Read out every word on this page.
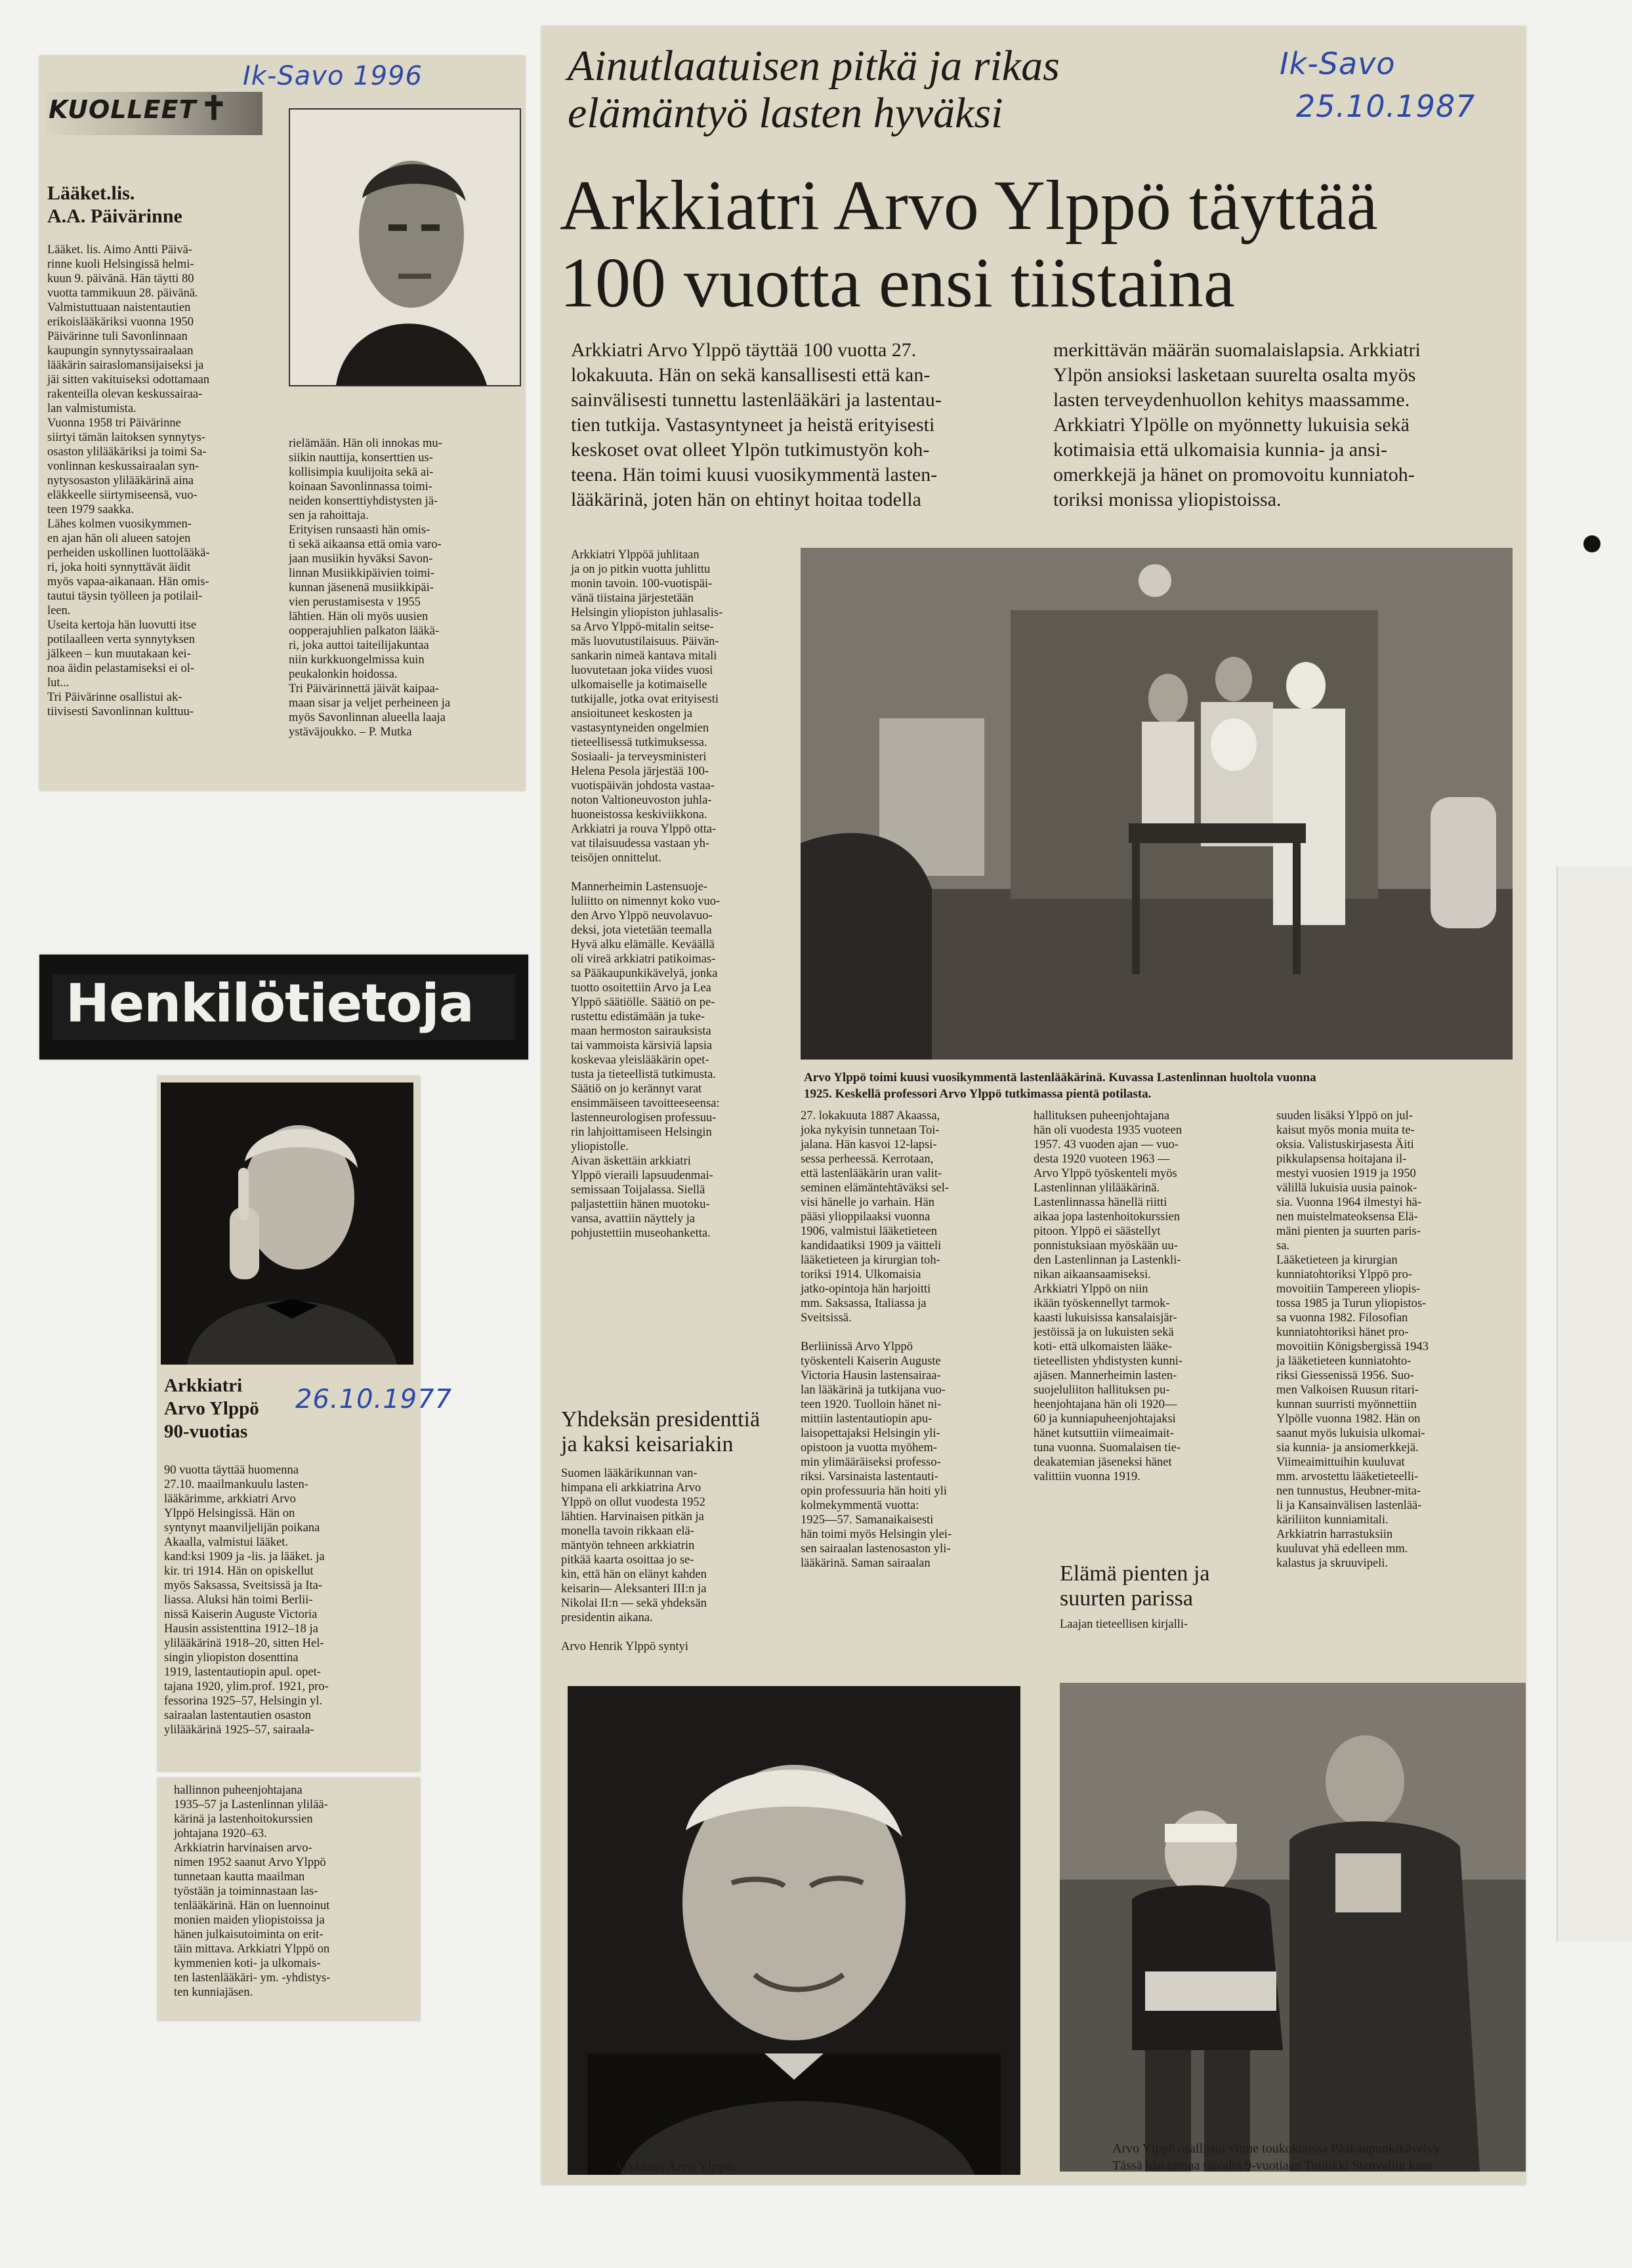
Ik-Savo 1996
KUOLLEET ✝
Lääket.lis.
A.A. Päivärinne
Lääket. lis. Aimo Antti Päivä-
rinne kuoli Helsingissä helmi-
kuun 9. päivänä. Hän täytti 80
vuotta tammikuun 28. päivänä.
Valmistuttuaan naistentautien
erikoislääkäriksi vuonna 1950
Päivärinne tuli Savonlinnaan
kaupungin synnytyssairaalaan
lääkärin sairaslomansijaiseksi ja
jäi sitten vakituiseksi odottamaan
rakenteilla olevan keskussairaa-
lan valmistumista.
Vuonna 1958 tri Päivärinne
siirtyi tämän laitoksen synnytys-
osaston ylilääkäriksi ja toimi Sa-
vonlinnan keskussairaalan syn-
nytysosaston ylilääkärinä aina
eläkkeelle siirtymiseensä, vuo-
teen 1979 saakka.
Lähes kolmen vuosikymmen-
en ajan hän oli alueen satojen
perheiden uskollinen luottolääkä-
ri, joka hoiti synnyttävät äidit
myös vapaa-aikanaan. Hän omis-
tautui täysin työlleen ja potilail-
leen.
Useita kertoja hän luovutti itse
potilaalleen verta synnytyksen
jälkeen – kun muutakaan kei-
noa äidin pelastamiseksi ei ol-
lut...
Tri Päivärinne osallistui ak-
tiivisesti Savonlinnan kulttuu-
rielämään. Hän oli innokas mu-
siikin nauttija, konserttien us-
kollisimpia kuulijoita sekä ai-
koinaan Savonlinnassa toimi-
neiden konserttiyhdistysten jä-
sen ja rahoittaja.
Erityisen runsaasti hän omis-
tì sekä aikaansa että omia varo-
jaan musiikin hyväksi Savon-
linnan Musiikkipäivien toimi-
kunnan jäsenenä musiikkipäi-
vien perustamisesta v 1955
lähtien. Hän oli myös uusien
oopperajuhlien palkaton lääkä-
ri, joka auttoi taiteilijakuntaa
niin kurkkuongelmissa kuin
peukalonkin hoidossa.
Tri Päivärinnettä jäivät kaipaa-
maan sisar ja veljet perheineen ja
myös Savonlinnan alueella laaja
ystäväjoukko. – P. Mutka
Henkilötietoja
Arkkiatri
Arvo Ylppö
90-vuotias
26.10.1977
90 vuotta täyttää huomenna
27.10. maailmankuulu lasten-
lääkärimme, arkkiatri Arvo
Ylppö Helsingissä. Hän on
syntynyt maanviljelijän poikana
Akaalla, valmistui lääket.
kand:ksi 1909 ja -lis. ja lääket. ja
kir. tri 1914. Hän on opiskellut
myös Saksassa, Sveitsissä ja Ita-
liassa. Aluksi hän toimi Berlii-
nissä Kaiserin Auguste Victoria
Hausin assistenttina 1912–18 ja
ylilääkärinä 1918–20, sitten Hel-
singin yliopiston dosenttina
1919, lastentautiopin apul. opet-
tajana 1920, ylim.prof. 1921, pro-
fessorina 1925–57, Helsingin yl.
sairaalan lastentautien osaston
ylilääkärinä 1925–57, sairaala-
hallinnon puheenjohtajana
1935–57 ja Lastenlinnan ylilää-
kärinä ja lastenhoitokurssien
johtajana 1920–63.
Arkkiatrin harvinaisen arvo-
nimen 1952 saanut Arvo Ylppö
tunnetaan kautta maailman
työstään ja toiminnastaan las-
tenlääkärinä. Hän on luennoinut
monien maiden yliopistoissa ja
hänen julkaisutoiminta on erit-
täin mittava. Arkkiatri Ylppö on
kymmenien koti- ja ulkomais-
ten lastenlääkäri- ym. -yhdistys-
ten kunniajäsen.
Ainutlaatuisen pitkä ja rikas
elämäntyö lasten hyväksi
Ik-Savo
25.10.1987
Arkkiatri Arvo Ylppö täyttää
100 vuotta ensi tiistaina
Arkkiatri Arvo Ylppö täyttää 100 vuotta 27.
lokakuuta. Hän on sekä kansallisesti että kan-
sainvälisesti tunnettu lastenlääkäri ja lastentau-
tien tutkija. Vastasyntyneet ja heistä erityisesti
keskoset ovat olleet Ylpön tutkimustyön koh-
teena. Hän toimi kuusi vuosikymmentä lasten-
lääkärinä, joten hän on ehtinyt hoitaa todella
merkittävän määrän suomalaislapsia. Arkkiatri
Ylpön ansioksi lasketaan suurelta osalta myös
lasten terveydenhuollon kehitys maassamme.
Arkkiatri Ylpölle on myönnetty lukuisia sekä
kotimaisia että ulkomaisia kunnia- ja ansi-
omerkkejä ja hänet on promovoitu kunniatoh-
toriksi monissa yliopistoissa.
Arkkiatri Ylppöä juhlitaan
ja on jo pitkin vuotta juhlittu
monin tavoin. 100-vuotispäi-
vänä tiistaina järjestetään
Helsingin yliopiston juhlasalis-
sa Arvo Ylppö-mitalin seitse-
mäs luovutustilaisuus. Päivän-
sankarin nimeä kantava mitali
luovutetaan joka viides vuosi
ulkomaiselle ja kotimaiselle
tutkijalle, jotka ovat erityisesti
ansioituneet keskosten ja
vastasyntyneiden ongelmien
tieteellisessä tutkimuksessa.
Sosiaali- ja terveysministeri
Helena Pesola järjestää 100-
vuotispäivän johdosta vastaa-
noton Valtioneuvoston juhla-
huoneistossa keskiviikkona.
Arkkiatri ja rouva Ylppö otta-
vat tilaisuudessa vastaan yh-
teisöjen onnittelut.

Mannerheimin Lastensuoje-
luliitto on nimennyt koko vuo-
den Arvo Ylppö neuvolavuo-
deksi, jota vietetään teemalla
Hyvä alku elämälle. Keväällä
oli vireä arkkiatri patikoimas-
sa Pääkaupunkikävelyä, jonka
tuotto osoitettiin Arvo ja Lea
Ylppö säätiölle. Säätiö on pe-
rustettu edistämään ja tuke-
maan hermoston sairauksista
tai vammoista kärsiviä lapsia
koskevaa yleislääkärin opet-
tusta ja tieteellistä tutkimusta.
Säätiö on jo kerännyt varat
ensimmäiseen tavoitteeseensa:
lastenneurologisen professuu-
rin lahjoittamiseen Helsingin
yliopistolle.
Aivan äskettäin arkkiatri
Ylppö vieraili lapsuudenmai-
semissaan Toijalassa. Siellä
paljastettiin hänen muotoku-
vansa, avattiin näyttely ja
pohjustettiin museohanketta.
Arvo Ylppö toimi kuusi vuosikymmentä lastenlääkärinä. Kuvassa Lastenlinnan huoltola vuonna
1925. Keskellä professori Arvo Ylppö tutkimassa pientä potilasta.
27. lokakuuta 1887 Akaassa,
joka nykyisin tunnetaan Toi-
jalana. Hän kasvoi 12-lapsi-
sessa perheessä. Kerrotaan,
että lastenlääkärin uran valit-
seminen elämäntehtäväksi sel-
visi hänelle jo varhain. Hän
pääsi ylioppilaaksi vuonna
1906, valmistui lääketieteen
kandidaatiksi 1909 ja väitteli
lääketieteen ja kirurgian toh-
toriksi 1914. Ulkomaisia
jatko-opintoja hän harjoitti
mm. Saksassa, Italiassa ja
Sveitsissä.

Berliinissä Arvo Ylppö
työskenteli Kaiserin Auguste
Victoria Hausin lastensairaa-
lan lääkärinä ja tutkijana vuo-
teen 1920. Tuolloin hänet ni-
mittiin lastentautiopin apu-
laisopettajaksi Helsingin yli-
opistoon ja vuotta myöhem-
min ylimääräiseksi professo-
riksi. Varsinaista lastentauti-
opin professuuria hän hoiti yli
kolmekymmentä vuotta:
1925—57. Samanaikaisesti
hän toimi myös Helsingin ylei-
sen sairaalan lastenosaston yli-
lääkärinä. Saman sairaalan
hallituksen puheenjohtajana
hän oli vuodesta 1935 vuoteen
1957. 43 vuoden ajan — vuo-
desta 1920 vuoteen 1963 —
Arvo Ylppö työskenteli myös
Lastenlinnan ylilääkärinä.
Lastenlinnassa hänellä riitti
aikaa jopa lastenhoitokurssien
pitoon. Ylppö ei säästellyt
ponnistuksiaan myöskään uu-
den Lastenlinnan ja Lastenkli-
nikan aikaansaamiseksi.
Arkkiatri Ylppö on niin
ikään työskennellyt tarmok-
kaasti lukuisissa kansalaisjär-
jestöissä ja on lukuisten sekä
koti- että ulkomaisten lääke-
tieteellisten yhdistysten kunni-
ajäsen. Mannerheimin lasten-
suojeluliiton hallituksen pu-
heenjohtajana hän oli 1920—
60 ja kunniapuheenjohtajaksi
hänet kutsuttiin viimeaimait-
tuna vuonna. Suomalaisen tie-
deakatemian jäseneksi hänet
valittiin vuonna 1919.
Elämä pienten ja
suurten parissa
Laajan tieteellisen kirjalli-
suuden lisäksi Ylppö on jul-
kaisut myös monia muita te-
oksia. Valistuskirjasesta Äiti
pikkulapsensa hoitajana il-
mestyi vuosien 1919 ja 1950
välillä lukuisia uusia painok-
sia. Vuonna 1964 ilmestyi hä-
nen muistelmateoksensa Elä-
mäni pienten ja suurten paris-
sa.
Lääketieteen ja kirurgian
kunniatohtoriksi Ylppö pro-
movoitiin Tampereen yliopis-
tossa 1985 ja Turun yliopistos-
sa vuonna 1982. Filosofian
kunniatohtoriksi hänet pro-
movoitiin Königsbergissä 1943
ja lääketieteen kunniatohto-
riksi Giessenissä 1956. Suo-
men Valkoisen Ruusun ritari-
kunnan suurristi myönnettiin
Ylpölle vuonna 1982. Hän on
saanut myös lukuisia ulkomai-
sia kunnia- ja ansiomerkkejä.
Viimeaimittuihin kuuluvat
mm. arvostettu lääketieteelli-
nen tunnustus, Heubner-mita-
li ja Kansainvälisen lastenlää-
käriliiton kunniamitali.
Arkkiatrin harrastuksiin
kuuluvat yhä edelleen mm.
kalastus ja skruuvipeli.
Yhdeksän presidenttiä
ja kaksi keisariakin
Suomen lääkärikunnan van-
himpana eli arkkiatrina Arvo
Ylppö on ollut vuodesta 1952
lähtien. Harvinaisen pitkän ja
monella tavoin rikkaan elä-
mäntyön tehneen arkkiatrin
pitkää kaarta osoittaa jo se-
kin, että hän on elänyt kahden
keisarin— Aleksanteri III:n ja
Nikolai II:n — sekä yhdeksän
presidentin aikana.

Arvo Henrik Ylppö syntyi
Arkkiatri Arvo Ylppö.
Arvo Ylppö osallistui viime toukokuussa Pääkaupunkikävelyy
Tässä hän taittaa taivalta 9-vuotiaan Tuulikki Stenvallin kans
